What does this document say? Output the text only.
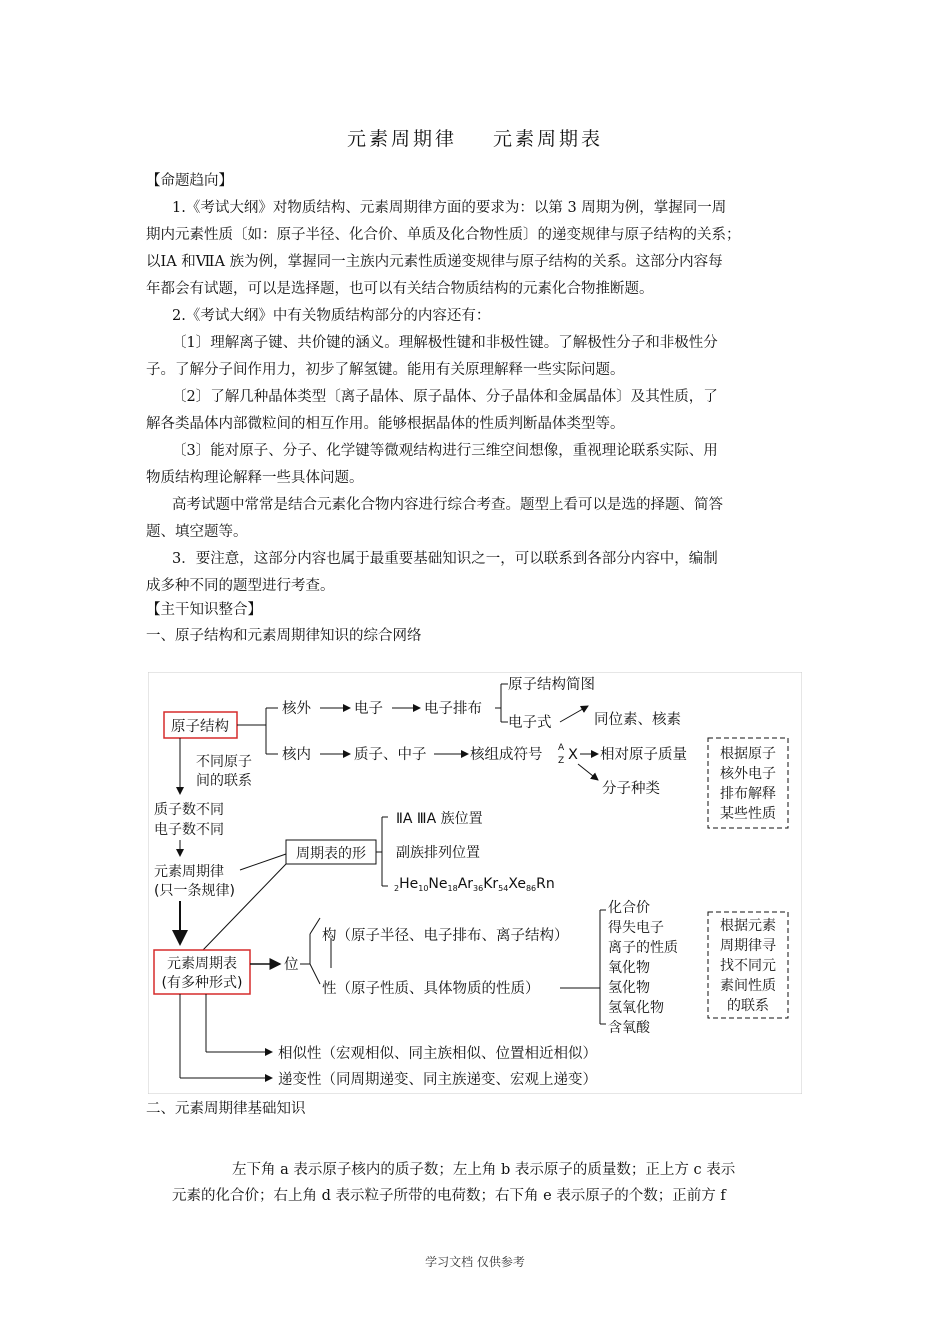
元素周期律 元素周期表
【命题趋向】
1.《考试大纲》对物质结构、元素周期律方面的要求为：以第 3 周期为例，掌握同一周
期内元素性质〔如：原子半径、化合价、单质及化合物性质〕的递变规律与原子结构的关系；
以ⅠA 和ⅦA 族为例，掌握同一主族内元素性质递变规律与原子结构的关系。这部分内容每
年都会有试题，可以是选择题，也可以有关结合物质结构的元素化合物推断题。
2.《考试大纲》中有关物质结构部分的内容还有：
〔1〕理解离子键、共价键的涵义。理解极性键和非极性键。了解极性分子和非极性分
子。了解分子间作用力，初步了解氢键。能用有关原理解释一些实际问题。
〔2〕了解几种晶体类型〔离子晶体、原子晶体、分子晶体和金属晶体〕及其性质，了
解各类晶体内部微粒间的相互作用。能够根据晶体的性质判断晶体类型等。
〔3〕能对原子、分子、化学键等微观结构进行三维空间想像，重视理论联系实际、用
物质结构理论解释一些具体问题。
高考试题中常常是结合元素化合物内容进行综合考查。题型上看可以是选的择题、简答
题、填空题等。
3．要注意，这部分内容也属于最重要基础知识之一，可以联系到各部分内容中，编制
成多种不同的题型进行考查。
【主干知识整合】
一、原子结构和元素周期律知识的综合网络
原子结构
核外	电子	电子排布
原子结构简图
电子式	同位素、核素
核内	质子、中子	核组成符号 A
Z X 相对原子质量
分子种类
根据原子
核外电子
排布解释
某些性质
不同原子
间的联系
质子数不同
电子数不同
元素周期律
(只一条规律)
周期表的形
ⅡA ⅢA 族位置
副族排列位置
$_2He_{10}Ne_{18}Ar_{36}Kr_{54}Xe_{86}Rn$
元素周期表
(有多种形式)
位
构（原子半径、电子排布、离子结构）
性（原子性质、具体物质的性质）
化合价
得失电子
离子的性质
氧化物
氢化物
氢氧化物
含氧酸
根据元素
周期律寻
找不同元
素间性质
的联系
相似性（宏观相似、同主族相似、位置相近相似）
递变性（同周期递变、同主族递变、宏观上递变）
二、元素周期律基础知识
左下角 a 表示原子核内的质子数；左上角 b 表示原子的质量数；正上方 c 表示
元素的化合价；右上角 d 表示粒子所带的电荷数；右下角 e 表示原子的个数；正前方 f
学习文档 仅供参考
